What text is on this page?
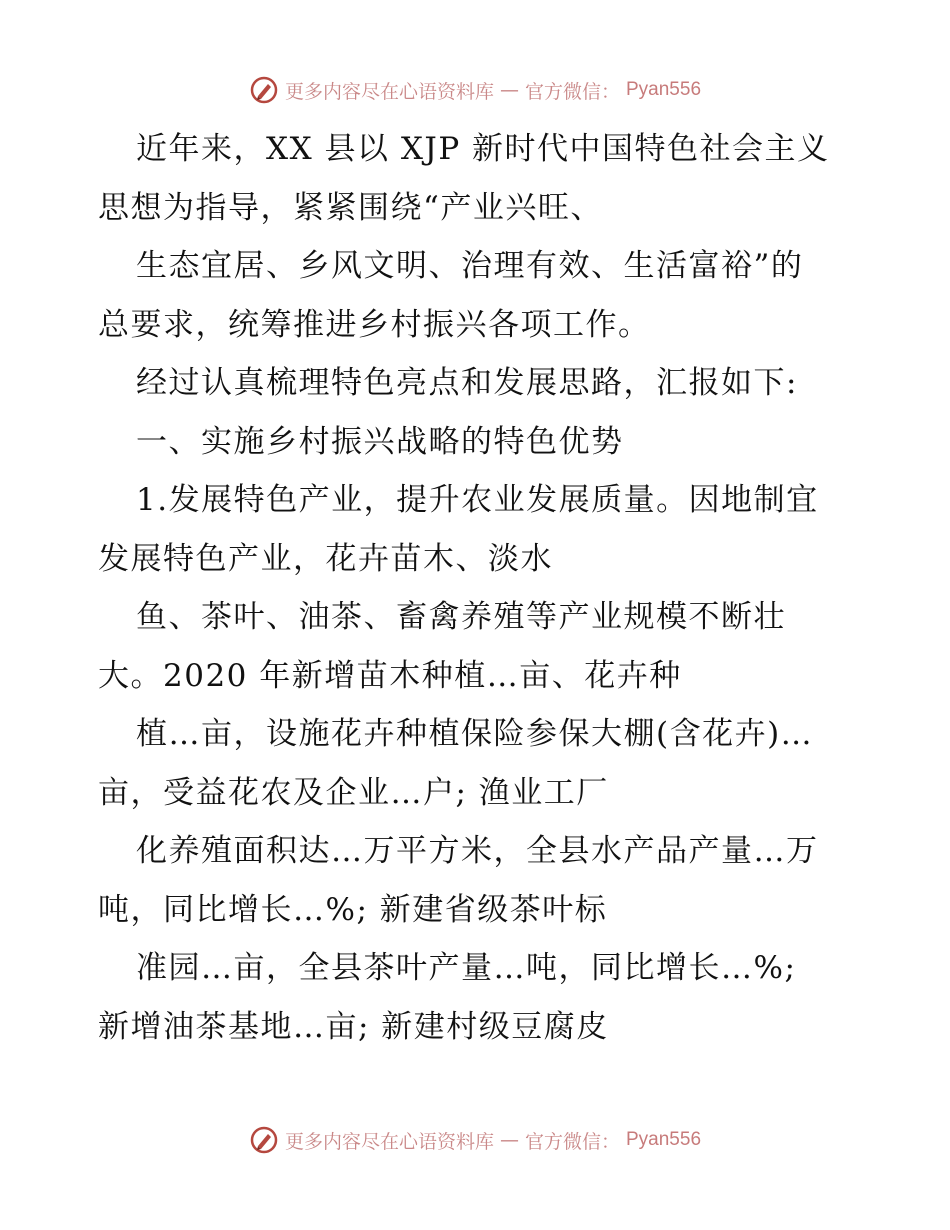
更多内容尽在心语资料库 — 官方微信： Pyan556
近年来，XX 县以 XJP 新时代中国特色社会主义
思想为指导，紧紧围绕“产业兴旺、
生态宜居、乡风文明、治理有效、生活富裕”的
总要求，统筹推进乡村振兴各项工作。
经过认真梳理特色亮点和发展思路，汇报如下:
一、实施乡村振兴战略的特色优势
1.发展特色产业，提升农业发展质量。因地制宜
发展特色产业，花卉苗木、淡水
鱼、茶叶、油茶、畜禽养殖等产业规模不断壮
大。2020 年新增苗木种植…亩、花卉种
植…亩，设施花卉种植保险参保大棚(含花卉)…
亩，受益花农及企业…户; 渔业工厂
化养殖面积达…万平方米，全县水产品产量…万
吨，同比增长…%; 新建省级茶叶标
准园…亩，全县茶叶产量…吨，同比增长…%;
新增油茶基地…亩; 新建村级豆腐皮
更多内容尽在心语资料库 — 官方微信： Pyan556
